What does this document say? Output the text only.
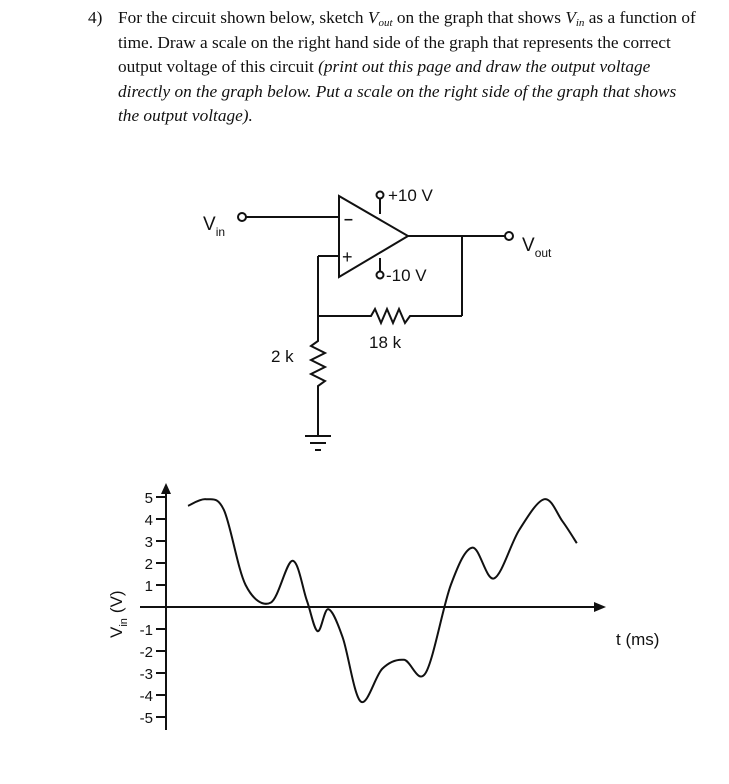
4) For the circuit shown below, sketch $V_{out}$ on the graph that shows $V_{in}$ as a function of time. Draw a scale on the right hand side of the graph that represents the correct output voltage of this circuit (print out this page and draw the output voltage directly on the graph below. Put a scale on the right side of the graph that shows the output voltage).
$V_{in}$
$V_{out}$
+10 V
-10 V
–
+
18 k
2 k
5
4
3
2
1
-1
-2
-3
-4
-5
$V_{in}(V)$
t (ms)
